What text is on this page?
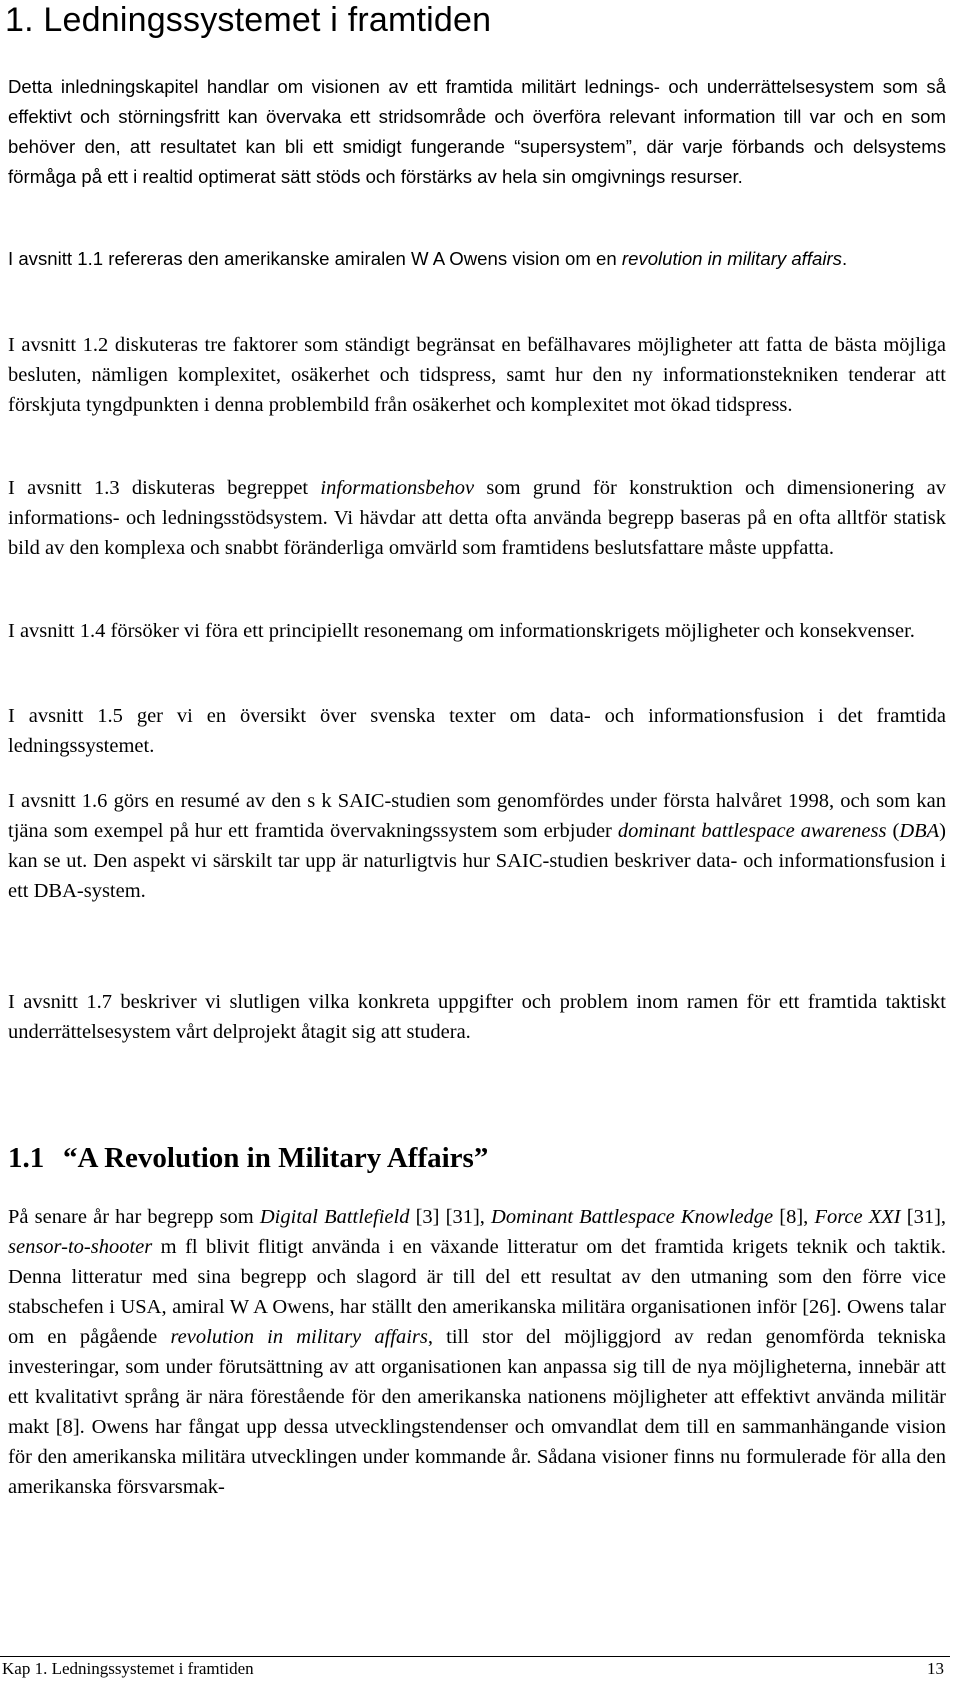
1. Ledningssystemet i framtiden

Detta inledningskapitel handlar om visionen av ett framtida militärt lednings- och underrättelsesystem som så effektivt och störningsfritt kan övervaka ett stridsområde och överföra relevant information till var och en som behöver den, att resultatet kan bli ett smidigt fungerande “supersystem”, där varje förbands och delsystems förmåga på ett i realtid optimerat sätt stöds och förstärks av hela sin omgivnings resurser.

I avsnitt 1.1 refereras den amerikanske amiralen W A Owens vision om en revolution in military affairs.

I avsnitt 1.2 diskuteras tre faktorer som ständigt begränsat en befälhavares möjligheter att fatta de bästa möjliga besluten, nämligen komplexitet, osäkerhet och tidspress, samt hur den ny informationstekniken tenderar att förskjuta tyngdpunkten i denna problembild från osäkerhet och komplexitet mot ökad tidspress.

I avsnitt 1.3 diskuteras begreppet informationsbehov som grund för konstruktion och dimensionering av informations- och ledningsstödsystem. Vi hävdar att detta ofta använda begrepp baseras på en ofta alltför statisk bild av den komplexa och snabbt föränderliga omvärld som framtidens beslutsfattare måste uppfatta.

I avsnitt 1.4 försöker vi föra ett principiellt resonemang om informationskrigets möjligheter och konsekvenser.

I avsnitt 1.5 ger vi en översikt över svenska texter om data- och informationsfusion i det framtida ledningssystemet.

I avsnitt 1.6 görs en resumé av den s k SAIC-studien som genomfördes under första halvåret 1998, och som kan tjäna som exempel på hur ett framtida övervakningssystem som erbjuder dominant battlespace awareness (DBA) kan se ut. Den aspekt vi särskilt tar upp är naturligtvis hur SAIC-studien beskriver data- och informationsfusion i ett DBA-system.

I avsnitt 1.7 beskriver vi slutligen vilka konkreta uppgifter och problem inom ramen för ett framtida taktiskt underrättelsesystem vårt delprojekt åtagit sig att studera.

1.1 “A Revolution in Military Affairs”

På senare år har begrepp som Digital Battlefield [3] [31], Dominant Battlespace Knowledge [8], Force XXI [31], sensor-to-shooter m fl blivit flitigt använda i en växande litteratur om det framtida krigets teknik och taktik. Denna litteratur med sina begrepp och slagord är till del ett resultat av den utmaning som den förre vice stabschefen i USA, amiral W A Owens, har ställt den amerikanska militära organisationen inför [26]. Owens talar om en pågående revolution in military affairs, till stor del möjliggjord av redan genomförda tekniska investeringar, som under förutsättning av att organisationen kan anpassa sig till de nya möjligheterna, innebär att ett kvalitativt språng är nära förestående för den amerikanska nationens möjligheter att effektivt använda militär makt [8]. Owens har fångat upp dessa utvecklingstendenser och omvandlat dem till en sammanhängande vision för den amerikanska militära utvecklingen under kommande år. Sådana visioner finns nu formulerade för alla den amerikanska försvarsmak-

Kap 1. Ledningssystemet i framtiden	13
